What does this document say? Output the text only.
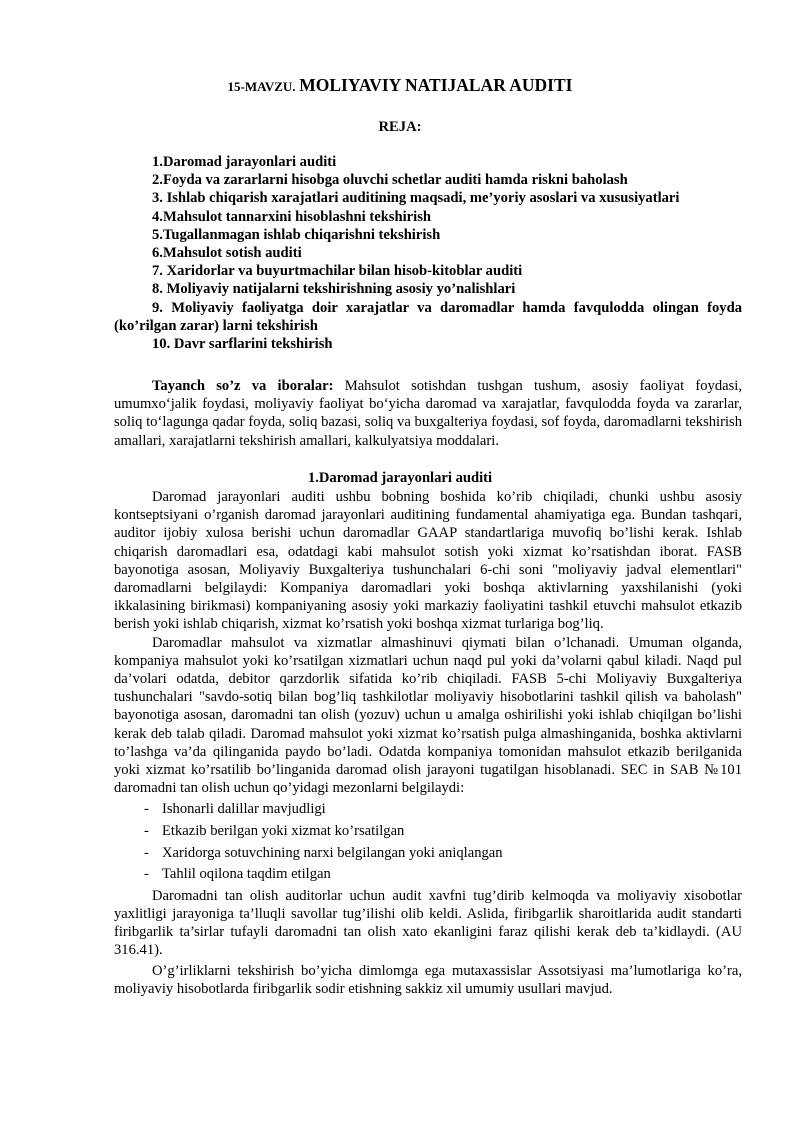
15-MAVZU. MOLIYAVIY NATIJALAR AUDITI
REJA:
1.Daromad jarayonlari auditi
2.Foyda va zararlarni hisobga oluvchi schetlar auditi hamda riskni baholash
3. Ishlab chiqarish xarajatlari auditining maqsadi, me’yoriy asoslari va xususiyatlari
4.Mahsulot tannarxini hisoblashni tekshirish
5.Tugallanmagan ishlab chiqarishni tekshirish
6.Mahsulot sotish auditi
7. Xaridorlar va buyurtmachilar bilan hisob-kitoblar auditi
8. Moliyaviy natijalarni tekshirishning asosiy yo’nalishlari
9. Moliyaviy faoliyatga doir xarajatlar va daromadlar hamda favqulodda olingan foyda (ko’rilgan zarar) larni tekshirish
10. Davr sarflarini tekshirish
Tayanch so’z va iboralar: Mahsulot sotishdan tushgan tushum, asosiy faoliyat foydasi, umumxo‘jalik foydasi, moliyaviy faoliyat bo‘yicha daromad va xarajatlar, favqulodda foyda va zararlar, soliq to‘lagunga qadar foyda, soliq bazasi, soliq va buxgalteriya foydasi, sof foyda, daromadlarni tekshirish amallari, xarajatlarni tekshirish amallari, kalkulyatsiya moddalari.
1.Daromad jarayonlari auditi

Daromad jarayonlari auditi ushbu bobning boshida ko’rib chiqiladi, chunki ushbu asosiy kontseptsiyani o’rganish daromad jarayonlari auditining fundamental ahamiyatiga ega. Bundan tashqari, auditor ijobiy xulosa berishi uchun daromadlar GAAP standartlariga muvofiq bo’lishi kerak. Ishlab chiqarish daromadlari esa, odatdagi kabi mahsulot sotish yoki xizmat ko’rsatishdan iborat. FASB bayonotiga asosan, Moliyaviy Buxgalteriya tushunchalari 6-chi soni "moliyaviy jadval elementlari" daromadlarni belgilaydi: Kompaniya daromadlari yoki boshqa aktivlarning yaxshilanishi (yoki ikkalasining birikmasi) kompaniyaning asosiy yoki markaziy faoliyatini tashkil etuvchi mahsulot etkazib berish yoki ishlab chiqarish, xizmat ko’rsatish yoki boshqa xizmat turlariga bog’liq.

Daromadlar mahsulot va xizmatlar almashinuvi qiymati bilan o’lchanadi. Umuman olganda, kompaniya mahsulot yoki ko’rsatilgan xizmatlari uchun naqd pul yoki da’volarni qabul kiladi. Naqd pul da’volari odatda, debitor qarzdorlik sifatida ko’rib chiqiladi. FASB 5-chi Moliyaviy Buxgalteriya tushunchalari "savdo-sotiq bilan bog’liq tashkilotlar moliyaviy hisobotlarini tashkil qilish va baholash" bayonotiga asosan, daromadni tan olish (yozuv) uchun u amalga oshirilishi yoki ishlab chiqilgan bo’lishi kerak deb talab qiladi. Daromad mahsulot yoki xizmat ko’rsatish pulga almashinganida, boshka aktivlarni to’lashga va’da qilinganida paydo bo’ladi. Odatda kompaniya tomonidan mahsulot etkazib berilganida yoki xizmat ko’rsatilib bo’linganida daromad olish jarayoni tugatilgan hisoblanadi. SEC in SAB №101 daromadni tan olish uchun qo’yidagi mezonlarni belgilaydi:

- Ishonarli dalillar mavjudligi
- Etkazib berilgan yoki xizmat ko’rsatilgan
- Xaridorga sotuvchining narxi belgilangan yoki aniqlangan
- Tahlil oqilona taqdim etilgan

Daromadni tan olish auditorlar uchun audit xavfni tug’dirib kelmoqda va moliyaviy xisobotlar yaxlitligi jarayoniga ta’lluqli savollar tug’ilishi olib keldi. Aslida, firibgarlik sharoitlarida audit standarti firibgarlik ta’sirlar tufayli daromadni tan olish xato ekanligini faraz qilishi kerak deb ta’kidlaydi. (AU 316.41).

O’g’irliklarni tekshirish bo’yicha dimlomga ega mutaxassislar Assotsiyasi ma’lumotlariga ko’ra, moliyaviy hisobotlarda firibgarlik sodir etishning sakkiz xil umumiy usullari mavjud.
